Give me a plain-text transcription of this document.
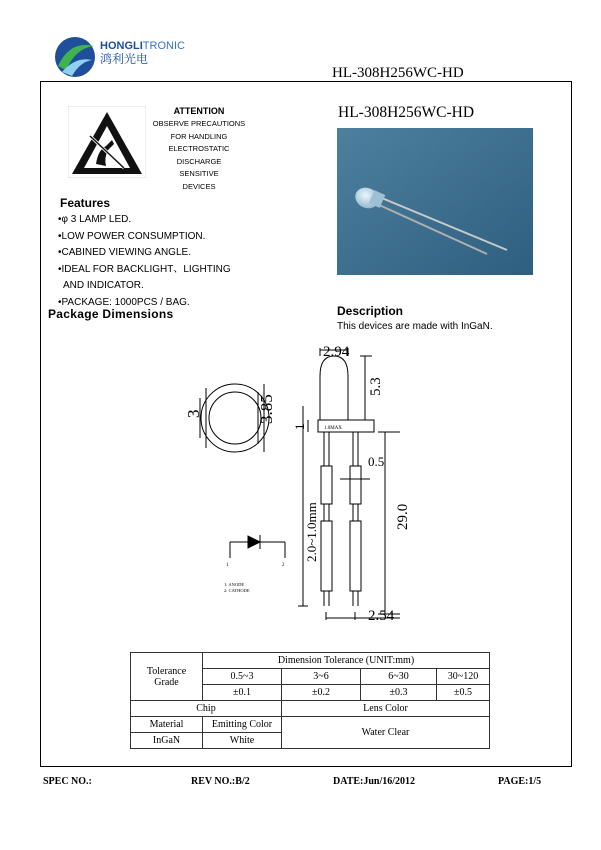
HONGLITRONIC
鸿利光电
HL-308H256WC-HD
ATTENTION
OBSERVE PRECAUTIONS
FOR HANDLING
ELECTROSTATIC
DISCHARGE
SENSITIVE
DEVICES
HL-308H256WC-HD
Features
•φ 3 LAMP LED.
•LOW POWER CONSUMPTION.
•CABINED VIEWING ANGLE.
•IDEAL FOR BACKLIGHT、LIGHTING
AND INDICATOR.
•PACKAGE: 1000PCS / BAG.
Package Dimensions	Description
This devices are made with InGaN.
3	3.85
2.94
5.3
1	1.0MAX
0.5
29.0
2.0~1.0mm
2.54
1	2
1: ANODE
2: CATHODE
Tolerance
Grade	Dimension Tolerance (UNIT:mm)			
	0.5~3	3~6	6~30	30~120
	±0.1	±0.2	±0.3	±0.5
Chip		Lens Color		
Material	Emitting Color	Water Clear		
InGaN	White			
SPEC NO.:	REV NO.:B/2	DATE:Jun/16/2012	PAGE:1/5
